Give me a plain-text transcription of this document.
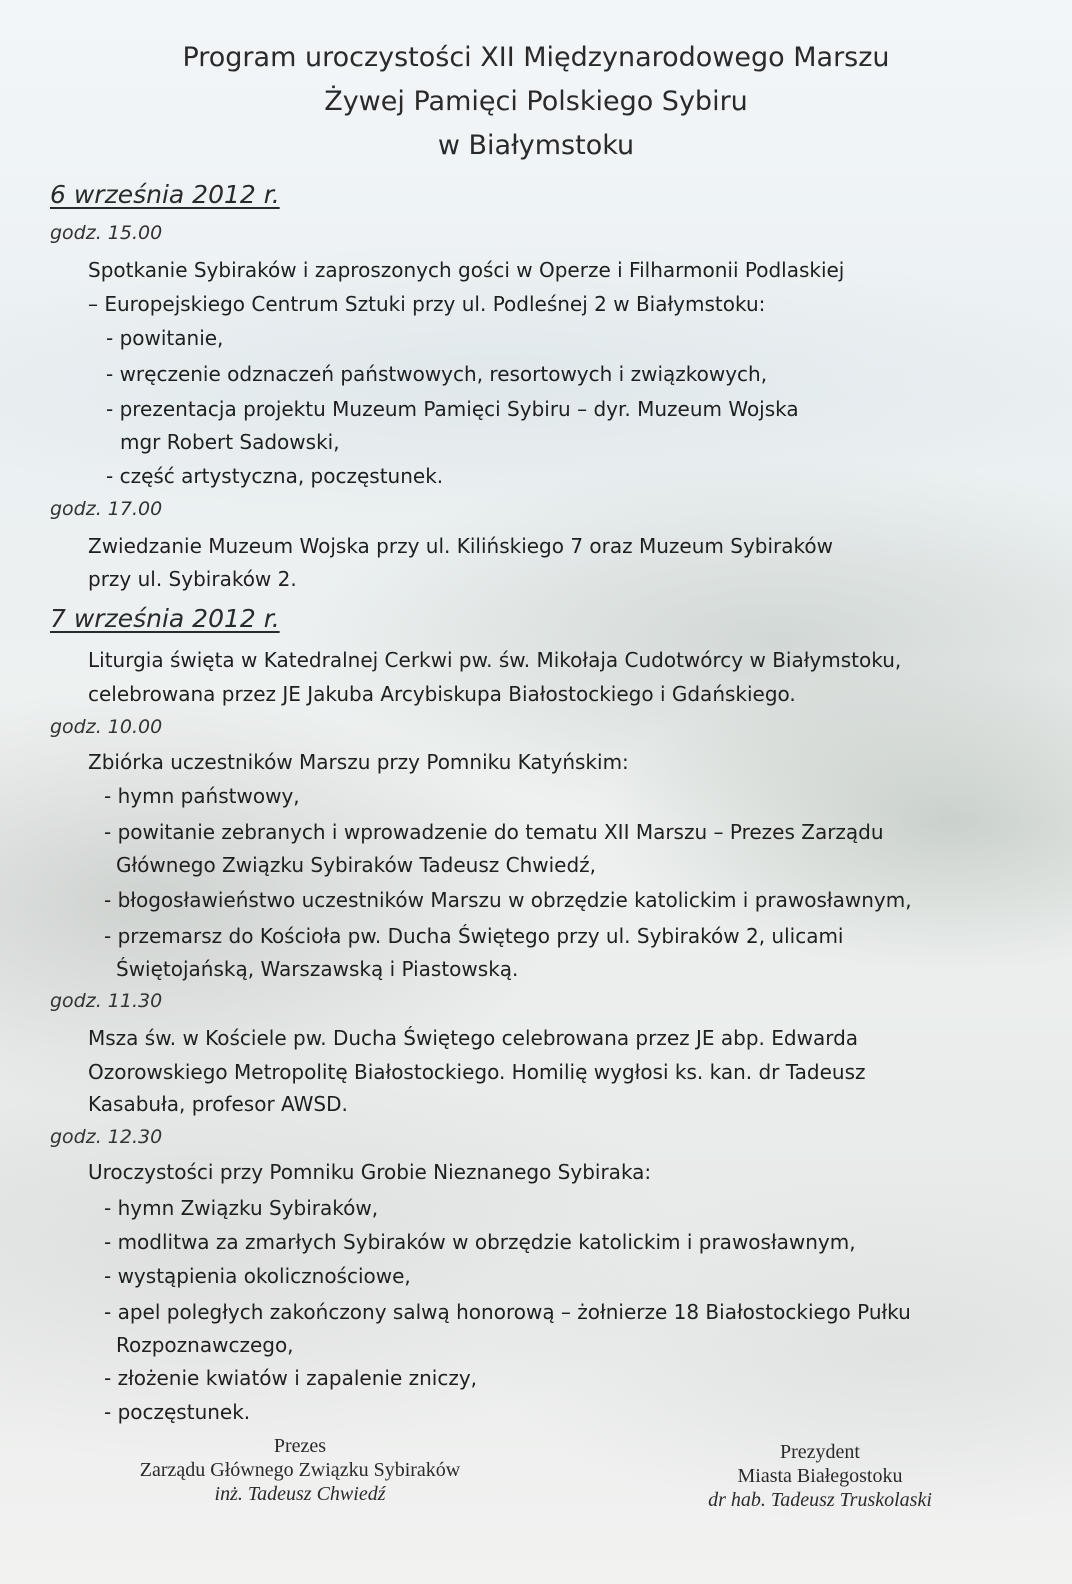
Program uroczystości XII Międzynarodowego Marszu
Żywej Pamięci Polskiego Sybiru
w Białymstoku
6 września 2012 r.
godz. 15.00
Spotkanie Sybiraków i zaproszonych gości w Operze i Filharmonii Podlaskiej
– Europejskiego Centrum Sztuki przy ul. Podleśnej 2 w Białymstoku:
- powitanie,
- wręczenie odznaczeń państwowych, resortowych i związkowych,
- prezentacja projektu Muzeum Pamięci Sybiru – dyr. Muzeum Wojska
mgr Robert Sadowski,
- część artystyczna, poczęstunek.
godz. 17.00
Zwiedzanie Muzeum Wojska przy ul. Kilińskiego 7 oraz Muzeum Sybiraków
przy ul. Sybiraków 2.
7 września 2012 r.
Liturgia święta w Katedralnej Cerkwi pw. św. Mikołaja Cudotwórcy w Białymstoku,
celebrowana przez JE Jakuba Arcybiskupa Białostockiego i Gdańskiego.
godz. 10.00
Zbiórka uczestników Marszu przy Pomniku Katyńskim:
- hymn państwowy,
- powitanie zebranych i wprowadzenie do tematu XII Marszu – Prezes Zarządu
Głównego Związku Sybiraków Tadeusz Chwiedź,
- błogosławieństwo uczestników Marszu w obrzędzie katolickim i prawosławnym,
- przemarsz do Kościoła pw. Ducha Świętego przy ul. Sybiraków 2, ulicami
Świętojańską, Warszawską i Piastowską.
godz. 11.30
Msza św. w Kościele pw. Ducha Świętego celebrowana przez JE abp. Edwarda
Ozorowskiego Metropolitę Białostockiego. Homilię wygłosi ks. kan. dr Tadeusz
Kasabuła, profesor AWSD.
godz. 12.30
Uroczystości przy Pomniku Grobie Nieznanego Sybiraka:
- hymn Związku Sybiraków,
- modlitwa za zmarłych Sybiraków w obrzędzie katolickim i prawosławnym,
- wystąpienia okolicznościowe,
- apel poległych zakończony salwą honorową – żołnierze 18 Białostockiego Pułku
Rozpoznawczego,
- złożenie kwiatów i zapalenie zniczy,
- poczęstunek.
Prezes
Zarządu Głównego Związku Sybiraków
inż. Tadeusz Chwiedź
Prezydent
Miasta Białegostoku
dr hab. Tadeusz Truskolaski
